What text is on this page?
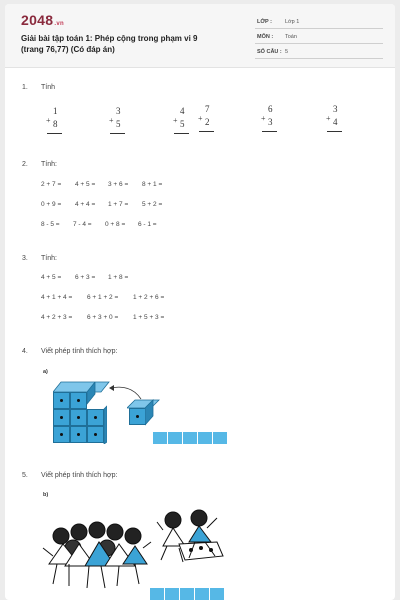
2048.vn
Giải bài tập toán 1: Phép cộng trong phạm vi 9 (trang 76,77) (Có đáp án)
LỚP : Lớp 1
MÔN : Toán
SỐ CÂU : 5
1. Tính
+
1
8	+
3
5	+
4
5
+
7
2	+
6
3	+
3
4
2. Tính:
2 + 7 = 4 + 5 = 3 + 6 = 8 + 1 =
0 + 9 = 4 + 4 = 1 + 7 = 5 + 2 =
8 - 5 = 7 - 4 = 0 + 8 = 6 - 1 =
3. Tính:
4 + 5 = 6 + 3 = 1 + 8 =
4 + 1 + 4 = 6 + 1 + 2 = 1 + 2 + 6 =
4 + 2 + 3 = 6 + 3 + 0 = 1 + 5 + 3 =
4. Viết phép tính thích hợp:
a)
5. Viết phép tính thích hợp:
b)
